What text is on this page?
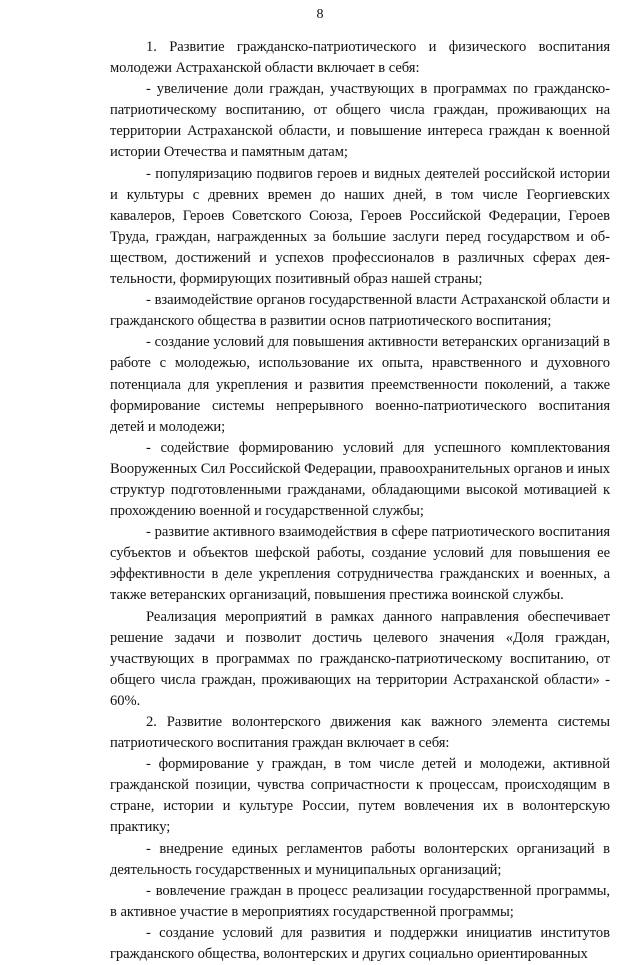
8

1. Развитие гражданско-патриотического и физического воспитания молодежи Астраханской области включает в себя:

- увеличение доли граждан, участвующих в программах по гражданско-патриотическому воспитанию, от общего числа граждан, проживающих на территории Астраханской области, и повышение интереса граждан к военной истории Отечества и памятным датам;

- популяризацию подвигов героев и видных деятелей российской истории и культуры с древних времен до наших дней, в том числе Георгиевских кавалеров, Героев Советского Союза, Героев Российской Федерации, Героев Труда, граждан, награжденных за большие заслуги перед государством и обществом, достижений и успехов профессионалов в различных сферах деятельности, формирующих позитивный образ нашей страны;

- взаимодействие органов государственной власти Астраханской области и гражданского общества в развитии основ патриотического воспитания;

- создание условий для повышения активности ветеранских организаций в работе с молодежью, использование их опыта, нравственного и духовного потенциала для укрепления и развития преемственности поколений, а также формирование системы непрерывного военно-патриотического воспитания детей и молодежи;

- содействие формированию условий для успешного комплектования Вооруженных Сил Российской Федерации, правоохранительных органов и иных структур подготовленными гражданами, обладающими высокой мотивацией к прохождению военной и государственной службы;

- развитие активного взаимодействия в сфере патриотического воспитания субъектов и объектов шефской работы, создание условий для повышения ее эффективности в деле укрепления сотрудничества гражданских и военных, а также ветеранских организаций, повышения престижа воинской службы.

Реализация мероприятий в рамках данного направления обеспечивает решение задачи и позволит достичь целевого значения «Доля граждан, участвующих в программах по гражданско-патриотическому воспитанию, от общего числа граждан, проживающих на территории Астраханской области» - 60%.

2. Развитие волонтерского движения как важного элемента системы патриотического воспитания граждан включает в себя:

- формирование у граждан, в том числе детей и молодежи, активной гражданской позиции, чувства сопричастности к процессам, происходящим в стране, истории и культуре России, путем вовлечения их в волонтерскую практику;

- внедрение единых регламентов работы волонтерских организаций в деятельность государственных и муниципальных организаций;

- вовлечение граждан в процесс реализации государственной программы, в активное участие в мероприятиях государственной программы;

- создание условий для развития и поддержки инициатив институтов гражданского общества, волонтерских и других социально ориентированных
